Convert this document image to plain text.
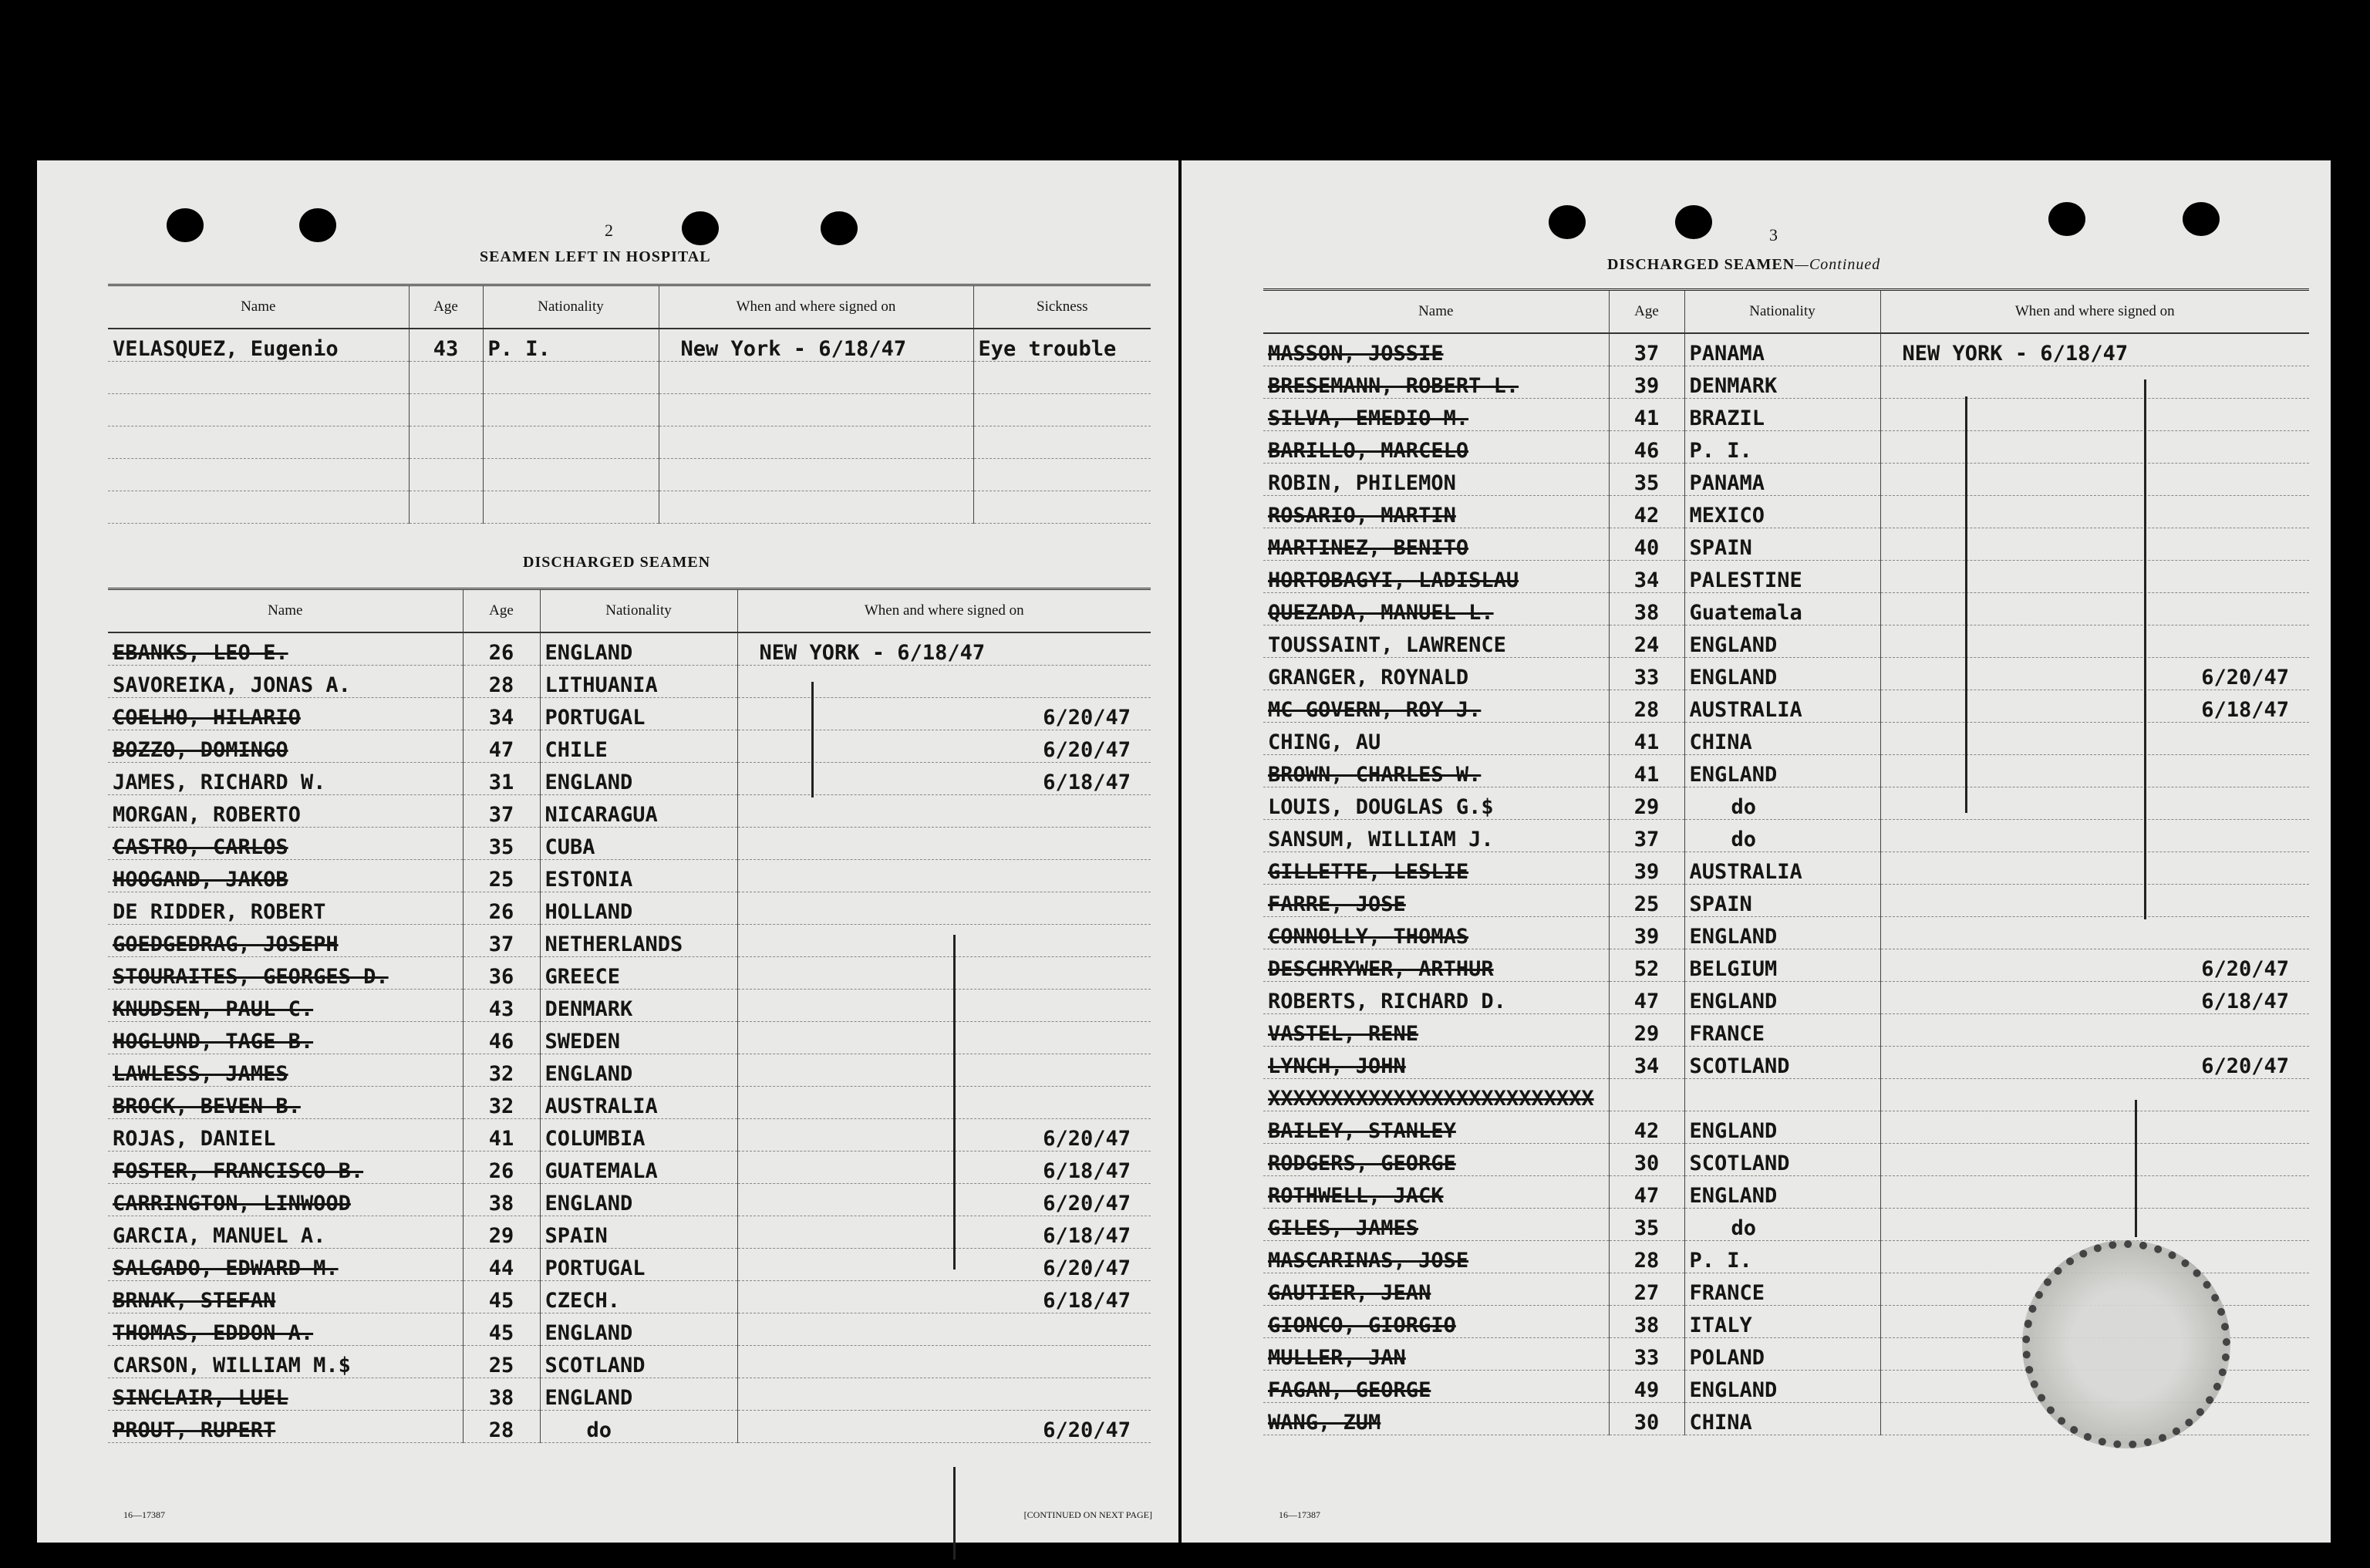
2
SEAMEN LEFT IN HOSPITAL
Name	Age	Nationality	When and where signed on	Sickness
VELASQUEZ, Eugenio	43	P. I.	New York - 6/18/47	Eye trouble

DISCHARGED SEAMEN
Name	Age	Nationality	When and where signed on
EBANKS, LEO E.	26	ENGLAND	NEW YORK - 6/18/47
SAVOREIKA, JONAS A.	28	LITHUANIA	
COELHO, HILARIO	34	PORTUGAL	6/20/47
BOZZO, DOMINGO	47	CHILE	6/20/47
JAMES, RICHARD W.	31	ENGLAND	6/18/47
MORGAN, ROBERTO	37	NICARAGUA	
CASTRO, CARLOS	35	CUBA	
HOOGAND, JAKOB	25	ESTONIA	
DE RIDDER, ROBERT	26	HOLLAND	
GOEDGEDRAG, JOSEPH	37	NETHERLANDS	
STOURAITES, GEORGES D.	36	GREECE	
KNUDSEN, PAUL C.	43	DENMARK	
HOGLUND, TAGE B.	46	SWEDEN	
LAWLESS, JAMES	32	ENGLAND	
BROCK, BEVEN B.	32	AUSTRALIA	
ROJAS, DANIEL	41	COLUMBIA	6/20/47
FOSTER, FRANCISCO B.	26	GUATEMALA	6/18/47
CARRINGTON, LINWOOD	38	ENGLAND	6/20/47
GARCIA, MANUEL A.	29	SPAIN	6/18/47
SALGADO, EDWARD M.	44	PORTUGAL	6/20/47
BRNAK, STEFAN	45	CZECH.	6/18/47
THOMAS, EDDON A.	45	ENGLAND	
CARSON, WILLIAM M.$	25	SCOTLAND	
SINCLAIR, LUEL	38	ENGLAND	
PROUT, RUPERT	28	do	6/20/47
16—17387	[CONTINUED ON NEXT PAGE]
3
DISCHARGED SEAMEN—Continued
Name	Age	Nationality	When and where signed on
MASSON, JOSSIE	37	PANAMA	NEW YORK - 6/18/47
BRESEMANN, ROBERT L.	39	DENMARK	
SILVA, EMEDIO M.	41	BRAZIL	
BARILLO, MARCELO	46	P. I.	
ROBIN, PHILEMON	35	PANAMA	
ROSARIO, MARTIN	42	MEXICO	
MARTINEZ, BENITO	40	SPAIN	
HORTOBAGYI, LADISLAU	34	PALESTINE	
QUEZADA, MANUEL L.	38	Guatemala	
TOUSSAINT, LAWRENCE	24	ENGLAND	
GRANGER, ROYNALD	33	ENGLAND	6/20/47
MC GOVERN, ROY J.	28	AUSTRALIA	6/18/47
CHING, AU	41	CHINA	
BROWN, CHARLES W.	41	ENGLAND	
LOUIS, DOUGLAS G.$	29	do	
SANSUM, WILLIAM J.	37	do	
GILLETTE, LESLIE	39	AUSTRALIA	
FARRE, JOSE	25	SPAIN	
CONNOLLY, THOMAS	39	ENGLAND	
DESCHRYWER, ARTHUR	52	BELGIUM	6/20/47
ROBERTS, RICHARD D.	47	ENGLAND	6/18/47
VASTEL, RENE	29	FRANCE	
LYNCH, JOHN	34	SCOTLAND	6/20/47
XXXXXXXXXXXXXXXXXXXXXXXXXX			
BAILEY, STANLEY	42	ENGLAND	
RODGERS, GEORGE	30	SCOTLAND	
ROTHWELL, JACK	47	ENGLAND	
GILES, JAMES	35	do	
MASCARINAS, JOSE	28	P. I.	
GAUTIER, JEAN	27	FRANCE	
GIONCO, GIORGIO	38	ITALY	
MULLER, JAN	33	POLAND	
FAGAN, GEORGE	49	ENGLAND	
WANG, ZUM	30	CHINA	
16—17387
